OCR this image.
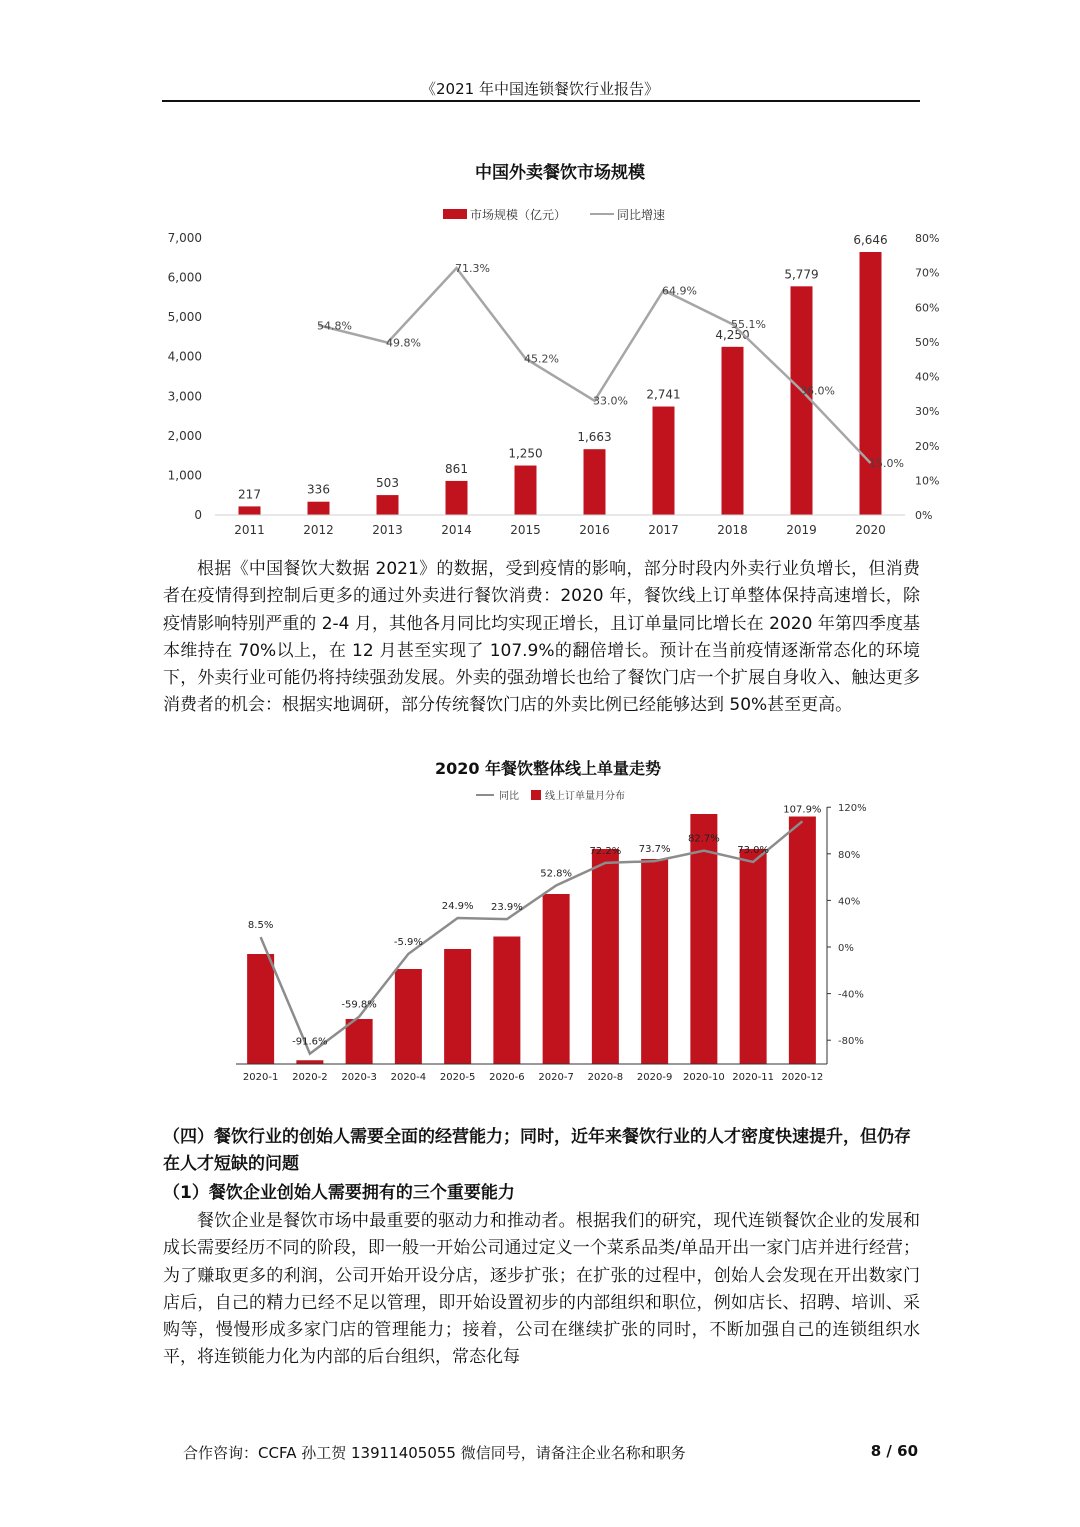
《2021 年中国连锁餐饮行业报告》
中国外卖餐饮市场规模
市场规模（亿元）	同比增速
0
1,000
2,000
3,000
4,000
5,000
6,000
7,000
0%
10%
20%
30%
40%
50%
60%
70%
80%
217	336	503
861
1,250
1,663
2,741
4,250
5,779
6,646
54.8%
49.8%
71.3%
45.2%
33.0%
64.9%
55.1%
36.0%
15.0%
2011	2012	2013	2014	2015	2016	2017	2018	2019	2020

根据《中国餐饮大数据 2021》的数据，受到疫情的影响，部分时段内外卖行业负增长，但消费者在疫情得到控制后更多的通过外卖进行餐饮消费：2020 年，餐饮线上订单整体保持高速增长，除疫情影响特别严重的 2-4 月，其他各月同比均实现正增长，且订单量同比增长在 2020 年第四季度基本维持在 70%以上，在 12 月甚至实现了 107.9%的翻倍增长。预计在当前疫情逐渐常态化的环境下，外卖行业可能仍将持续强劲发展。外卖的强劲增长也给了餐饮门店一个扩展自身收入、触达更多消费者的机会：根据实地调研，部分传统餐饮门店的外卖比例已经能够达到 50%甚至更高。

2020 年餐饮整体线上单量走势
同比	线上订单量月分布
-80%
-40%
0%
40%
80%
120%
8.5%
-91.6%
-59.8%
-5.9%
24.9% 23.9%
52.8%
72.2% 73.7%
82.7%
73.0%
107.9%
2020-1 2020-2 2020-3 2020-4 2020-5 2020-6 2020-7 2020-8 2020-9 2020-10 2020-11 2020-12
（四）餐饮行业的创始人需要全面的经营能力；同时，近年来餐饮行业的人才密度快速提升，但仍存在人才短缺的问题
（1）餐饮企业创始人需要拥有的三个重要能力

餐饮企业是餐饮市场中最重要的驱动力和推动者。根据我们的研究，现代连锁餐饮企业的发展和成长需要经历不同的阶段，即一般一开始公司通过定义一个菜系品类/单品开出一家门店并进行经营；为了赚取更多的利润，公司开始开设分店，逐步扩张；在扩张的过程中，创始人会发现在开出数家门店后，自己的精力已经不足以管理，即开始设置初步的内部组织和职位，例如店长、招聘、培训、采购等，慢慢形成多家门店的管理能力；接着，公司在继续扩张的同时，不断加强自己的连锁组织水平，将连锁能力化为内部的后台组织，常态化每

合作咨询：CCFA 孙工贺 13911405055 微信同号，请备注企业名称和职务	8 / 60
